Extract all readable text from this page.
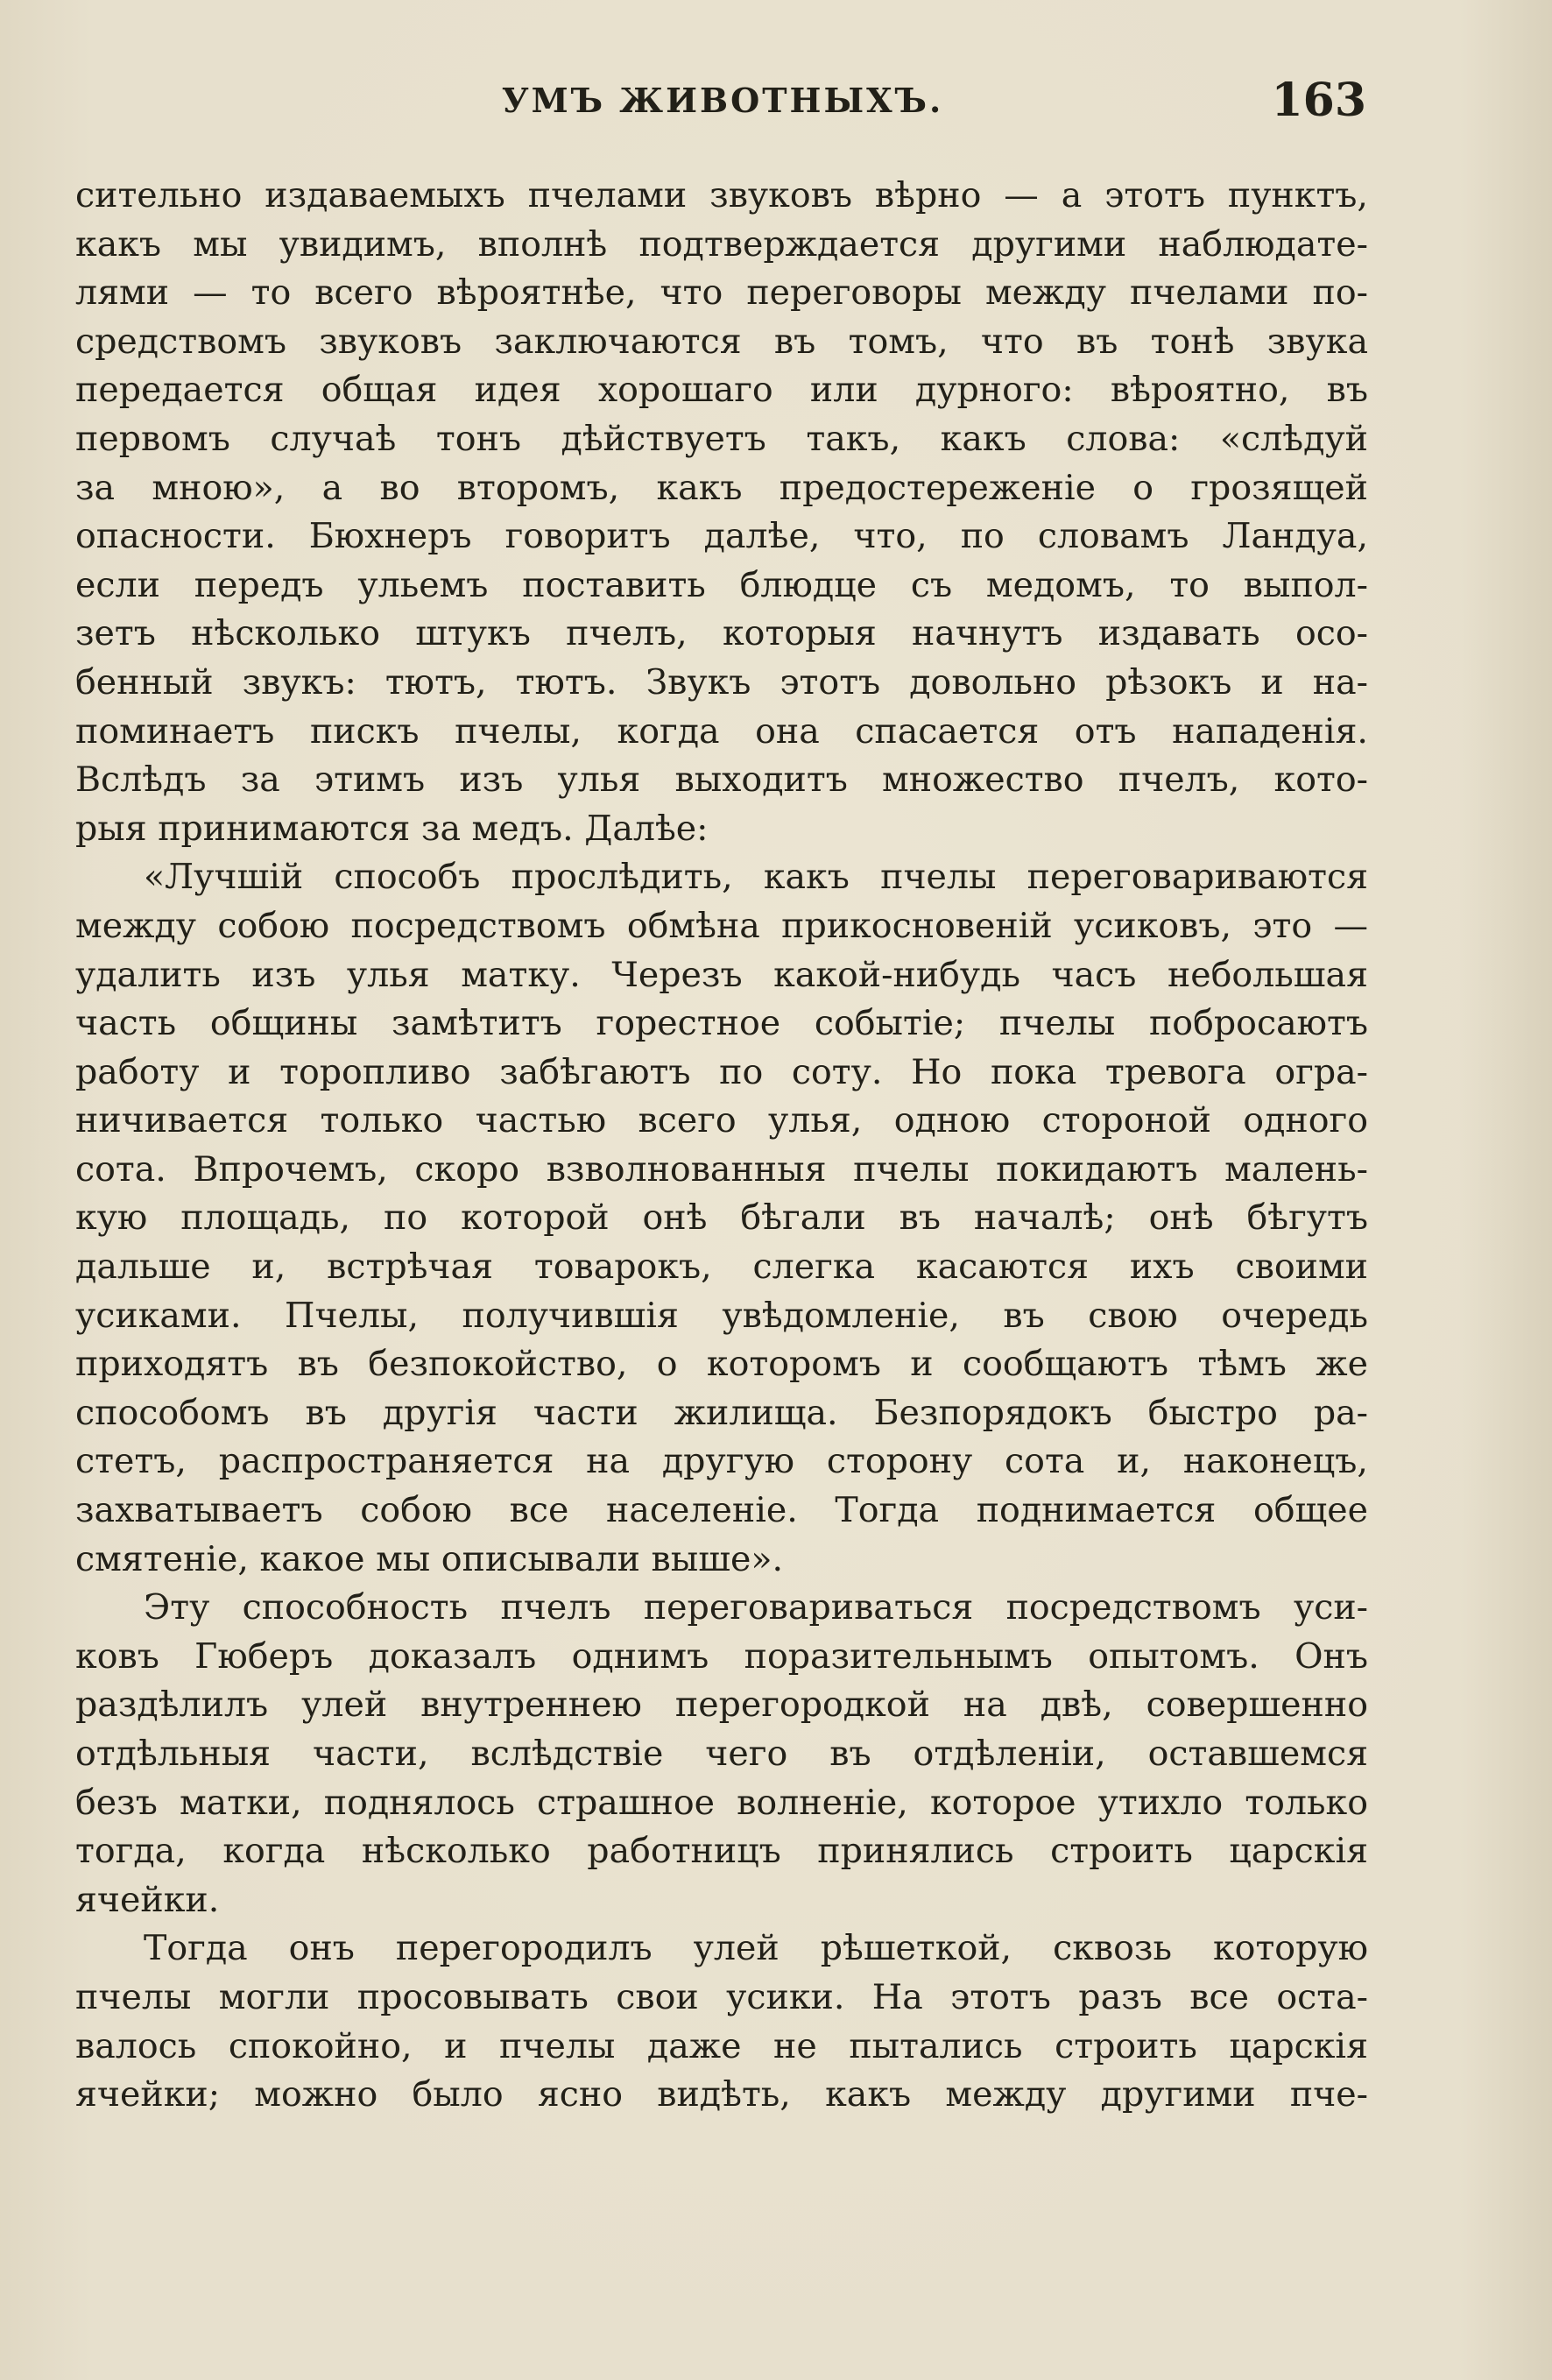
УМЪ ЖИВОТНЫХЪ.	163
сительно издаваемыхъ пчелами звуковъ вѣрно — а этотъ пунктъ,
какъ мы увидимъ, вполнѣ подтверждается другими наблюдате-
лями — то всего вѣроятнѣе, что переговоры между пчелами по-
средствомъ звуковъ заключаются въ томъ, что въ тонѣ звука
передается общая идея хорошаго или дурного: вѣроятно, въ
первомъ случаѣ тонъ дѣйствуетъ такъ, какъ слова: «слѣдуй
за мною», а во второмъ, какъ предостереженіе о грозящей
опасности. Бюхнеръ говоритъ далѣе, что, по словамъ Ландуа,
если передъ ульемъ поставить блюдце съ медомъ, то выпол-
зетъ нѣсколько штукъ пчелъ, которыя начнутъ издавать осо-
бенный звукъ: тютъ, тютъ. Звукъ этотъ довольно рѣзокъ и на-
поминаетъ пискъ пчелы, когда она спасается отъ нападенія.
Вслѣдъ за этимъ изъ улья выходитъ множество пчелъ, кото-
рыя принимаются за медъ. Далѣе:
«Лучшій способъ прослѣдить, какъ пчелы переговариваются
между собою посредствомъ обмѣна прикосновеній усиковъ, это —
удалить изъ улья матку. Черезъ какой-нибудь часъ небольшая
часть общины замѣтитъ горестное событіе; пчелы побросаютъ
работу и торопливо забѣгаютъ по соту. Но пока тревога огра-
ничивается только частью всего улья, одною стороной одного
сота. Впрочемъ, скоро взволнованныя пчелы покидаютъ малень-
кую площадь, по которой онѣ бѣгали въ началѣ; онѣ бѣгутъ
дальше и, встрѣчая товарокъ, слегка касаются ихъ своими
усиками. Пчелы, получившія увѣдомленіе, въ свою очередь
приходятъ въ безпокойство, о которомъ и сообщаютъ тѣмъ же
способомъ въ другія части жилища. Безпорядокъ быстро ра-
стетъ, распространяется на другую сторону сота и, наконецъ,
захватываетъ собою все населеніе. Тогда поднимается общее
смятеніе, какое мы описывали выше».
Эту способность пчелъ переговариваться посредствомъ уси-
ковъ Гюберъ доказалъ однимъ поразительнымъ опытомъ. Онъ
раздѣлилъ улей внутреннею перегородкой на двѣ, совершенно
отдѣльныя части, вслѣдствіе чего въ отдѣленіи, оставшемся
безъ матки, поднялось страшное волненіе, которое утихло только
тогда, когда нѣсколько работницъ принялись строить царскія
ячейки.
Тогда онъ перегородилъ улей рѣшеткой, сквозь которую
пчелы могли просовывать свои усики. На этотъ разъ все оста-
валось спокойно, и пчелы даже не пытались строить царскія
ячейки; можно было ясно видѣть, какъ между другими пче-
